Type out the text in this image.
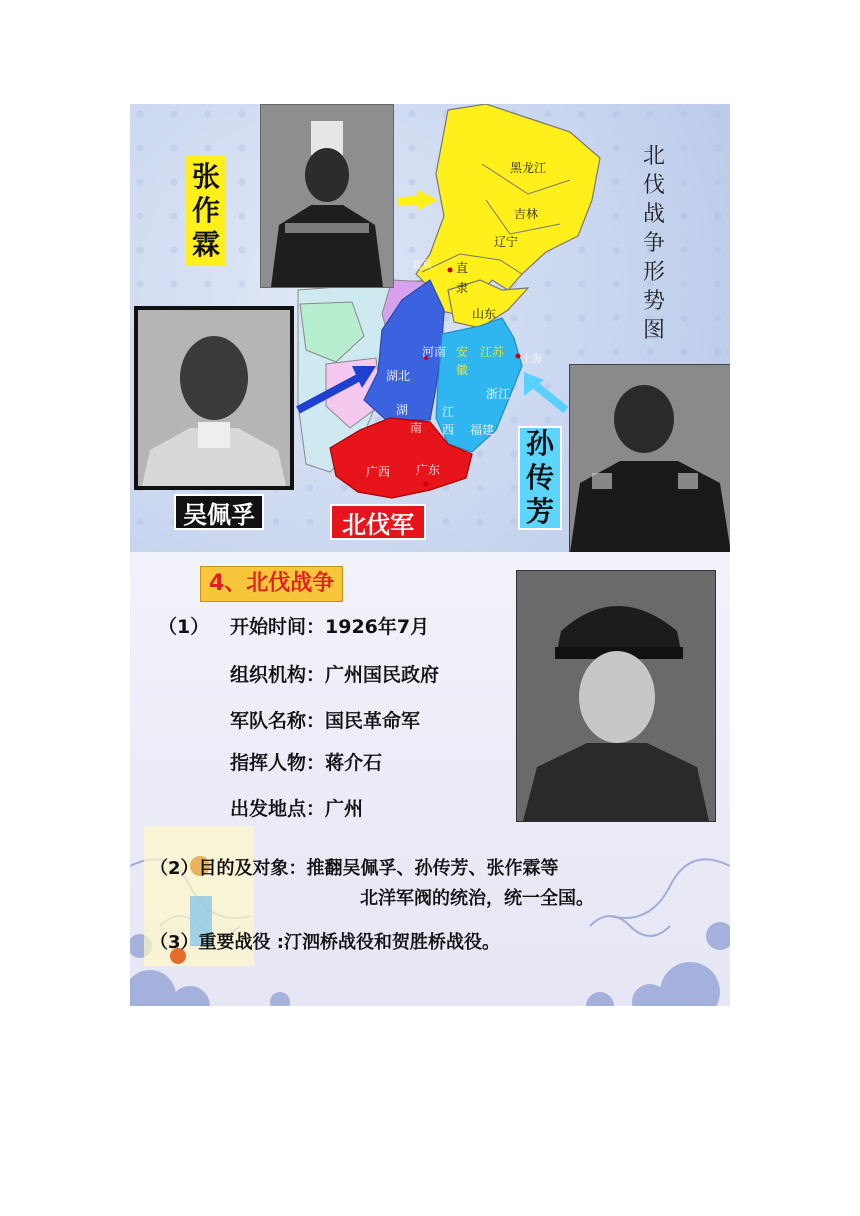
黑龙江
吉林
辽宁
北京 直
隶
山东
河南 安
徽
江苏
上海
湖北
湖
南
江
西
浙江
福建
广西 广东
张
作
霖
吴佩孚
孙
传
芳
北伐军
北
伐
战
争
形
势
图
4、北伐战争
（1） 开始时间：1926年7月
组织机构：广州国民政府
军队名称：国民革命军
指挥人物：蒋介石
出发地点：广州
（2）目的及对象：推翻吴佩孚、孙传芳、张作霖等
北洋军阀的统治，统一全国。
（3）重要战役 :汀泗桥战役和贺胜桥战役。
